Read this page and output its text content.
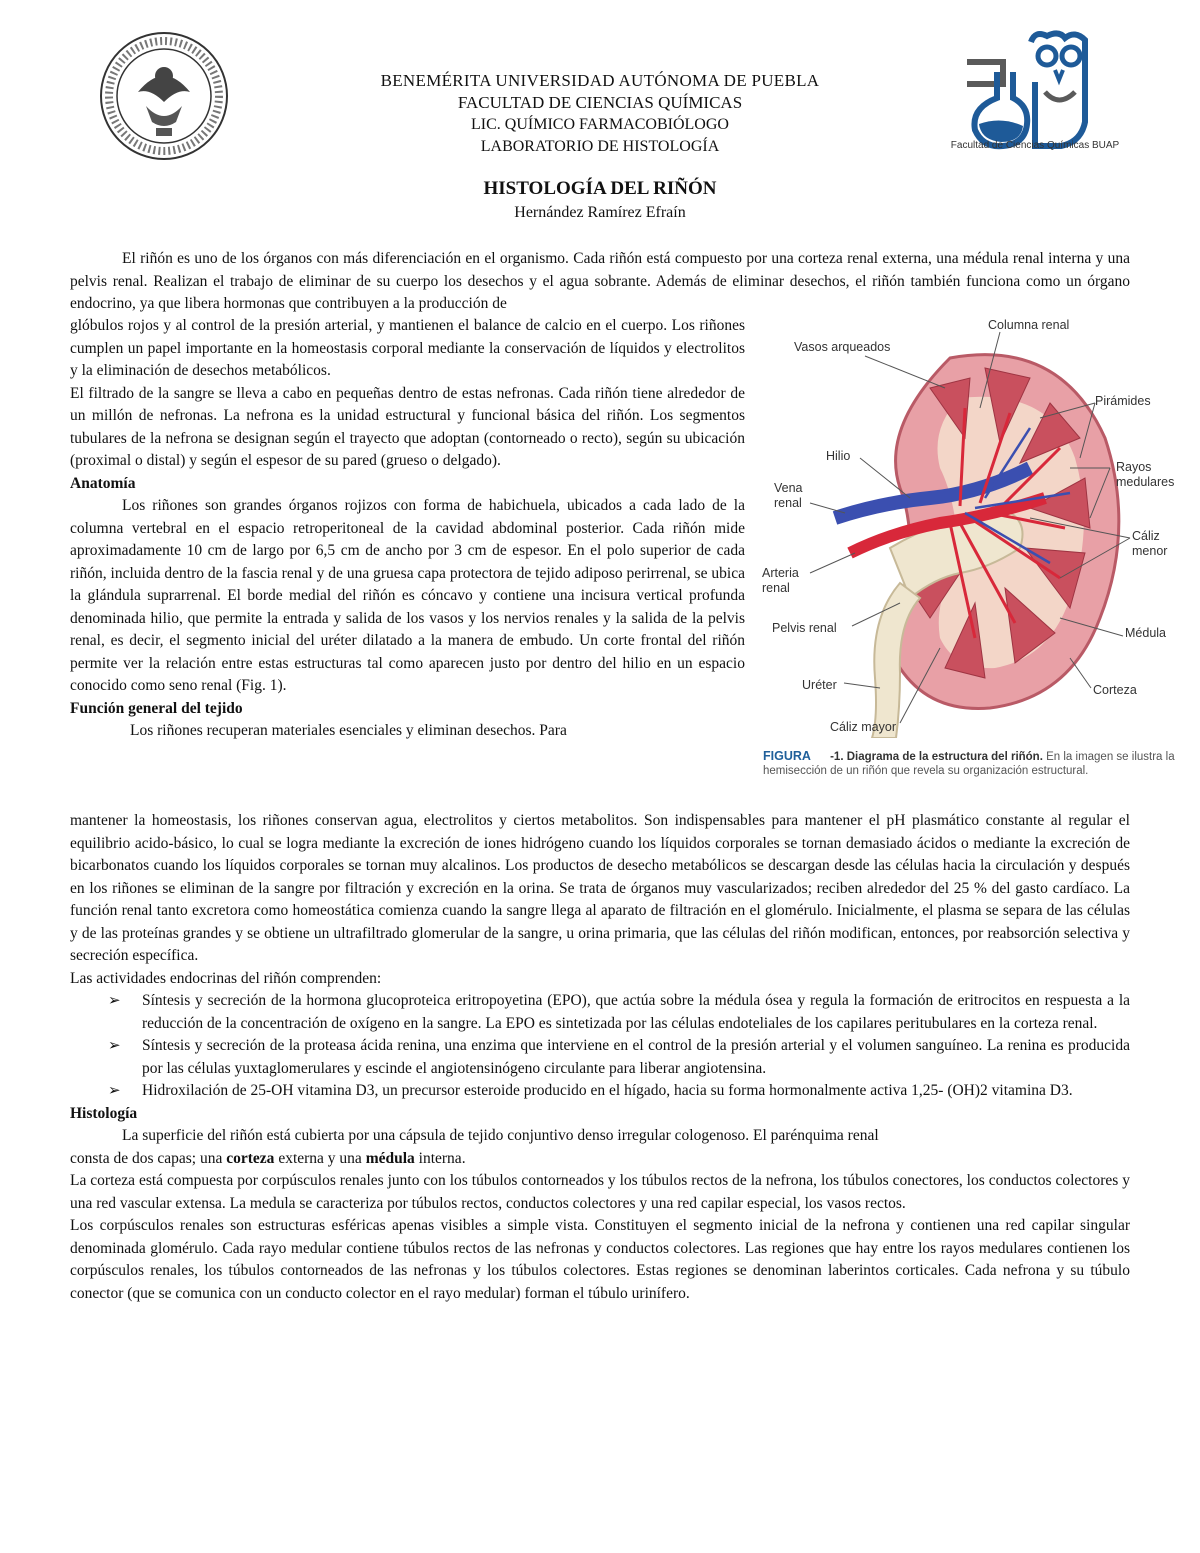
BENEMÉRITA UNIVERSIDAD AUTÓNOMA DE PUEBLA
FACULTAD DE CIENCIAS QUÍMICAS
LIC. QUÍMICO FARMACOBIÓLOGO
LABORATORIO DE HISTOLOGÍA	Facultad de Ciencias Químicas BUAP
HISTOLOGÍA DEL RIÑÓN
Hernández Ramírez Efraín

El riñón es uno de los órganos con más diferenciación en el organismo. Cada riñón está compuesto por una corteza renal externa, una médula renal interna y una pelvis renal. Realizan el trabajo de eliminar de su cuerpo los desechos y el agua sobrante. Además de eliminar desechos, el riñón también funciona como un órgano endocrino, ya que libera hormonas que contribuyen a la producción de

glóbulos rojos y al control de la presión arterial, y mantienen el balance de calcio en el cuerpo. Los riñones cumplen un papel importante en la homeostasis corporal mediante la conservación de líquidos y electrolitos y la eliminación de desechos metabólicos.

El filtrado de la sangre se lleva a cabo en pequeñas dentro de estas nefronas. Cada riñón tiene alrededor de un millón de nefronas. La nefrona es la unidad estructural y funcional básica del riñón. Los segmentos tubulares de la nefrona se designan según el trayecto que adoptan (contorneado o recto), según su ubicación (proximal o distal) y según el espesor de su pared (grueso o delgado).

Anatomía

Los riñones son grandes órganos rojizos con forma de habichuela, ubicados a cada lado de la columna vertebral en el espacio retroperitoneal de la cavidad abdominal posterior. Cada riñón mide aproximadamente 10 cm de largo por 6,5 cm de ancho por 3 cm de espesor. En el polo superior de cada riñón, incluida dentro de la fascia renal y de una gruesa capa protectora de tejido adiposo perirrenal, se ubica la glándula suprarrenal. El borde medial del riñón es cóncavo y contiene una incisura vertical profunda denominada hilio, que permite la entrada y salida de los vasos y los nervios renales y la salida de la pelvis renal, es decir, el segmento inicial del uréter dilatado a la manera de embudo. Un corte frontal del riñón permite ver la relación entre estas estructuras tal como aparecen justo por dentro del hilio en un espacio conocido como seno renal (Fig. 1).

Función general del tejido

Los riñones recuperan materiales esenciales y eliminan desechos. Para

Columna renal
Vasos arqueados
Pirámides
Hilio
Rayos
medulares
Vena
renal
Cáliz
menor
Arteria
renal
Pelvis renal	Médula
Uréter	Corteza
Cáliz mayor
FIGURA -1. Diagrama de la estructura del riñón. En la imagen se ilustra la hemisección de un riñón que revela su organización estructural.

mantener la homeostasis, los riñones conservan agua, electrolitos y ciertos metabolitos. Son indispensables para mantener el pH plasmático constante al regular el equilibrio acido-básico, lo cual se logra mediante la excreción de iones hidrógeno cuando los líquidos corporales se tornan demasiado ácidos o mediante la excreción de bicarbonatos cuando los líquidos corporales se tornan muy alcalinos. Los productos de desecho metabólicos se descargan desde las células hacia la circulación y después en los riñones se eliminan de la sangre por filtración y excreción en la orina. Se trata de órganos muy vascularizados; reciben alrededor del 25 % del gasto cardíaco. La función renal tanto excretora como homeostática comienza cuando la sangre llega al aparato de filtración en el glomérulo. Inicialmente, el plasma se separa de las células y de las proteínas grandes y se obtiene un ultrafiltrado glomerular de la sangre, u orina primaria, que las células del riñón modifican, entonces, por reabsorción selectiva y secreción específica.

Las actividades endocrinas del riñón comprenden:

➢ Síntesis y secreción de la hormona glucoproteica eritropoyetina (EPO), que actúa sobre la médula ósea y regula la formación de eritrocitos en respuesta a la reducción de la concentración de oxígeno en la sangre. La EPO es sintetizada por las células endoteliales de los capilares peritubulares en la corteza renal.
➢ Síntesis y secreción de la proteasa ácida renina, una enzima que interviene en el control de la presión arterial y el volumen sanguíneo. La renina es producida por las células yuxtaglomerulares y escinde el angiotensinógeno circulante para liberar angiotensina.
➢ Hidroxilación de 25-OH vitamina D3, un precursor esteroide producido en el hígado, hacia su forma hormonalmente activa 1,25- (OH)2 vitamina D3.
Histología

La superficie del riñón está cubierta por una cápsula de tejido conjuntivo denso irregular cologenoso. El parénquima renal

consta de dos capas; una corteza externa y una médula interna.

La corteza está compuesta por corpúsculos renales junto con los túbulos contorneados y los túbulos rectos de la nefrona, los túbulos conectores, los conductos colectores y una red vascular extensa. La medula se caracteriza por túbulos rectos, conductos colectores y una red capilar especial, los vasos rectos.

Los corpúsculos renales son estructuras esféricas apenas visibles a simple vista. Constituyen el segmento inicial de la nefrona y contienen una red capilar singular denominada glomérulo. Cada rayo medular contiene túbulos rectos de las nefronas y conductos colectores. Las regiones que hay entre los rayos medulares contienen los corpúsculos renales, los túbulos contorneados de las nefronas y los túbulos colectores. Estas regiones se denominan laberintos corticales. Cada nefrona y su túbulo conector (que se comunica con un conducto colector en el rayo medular) forman el túbulo urinífero.
